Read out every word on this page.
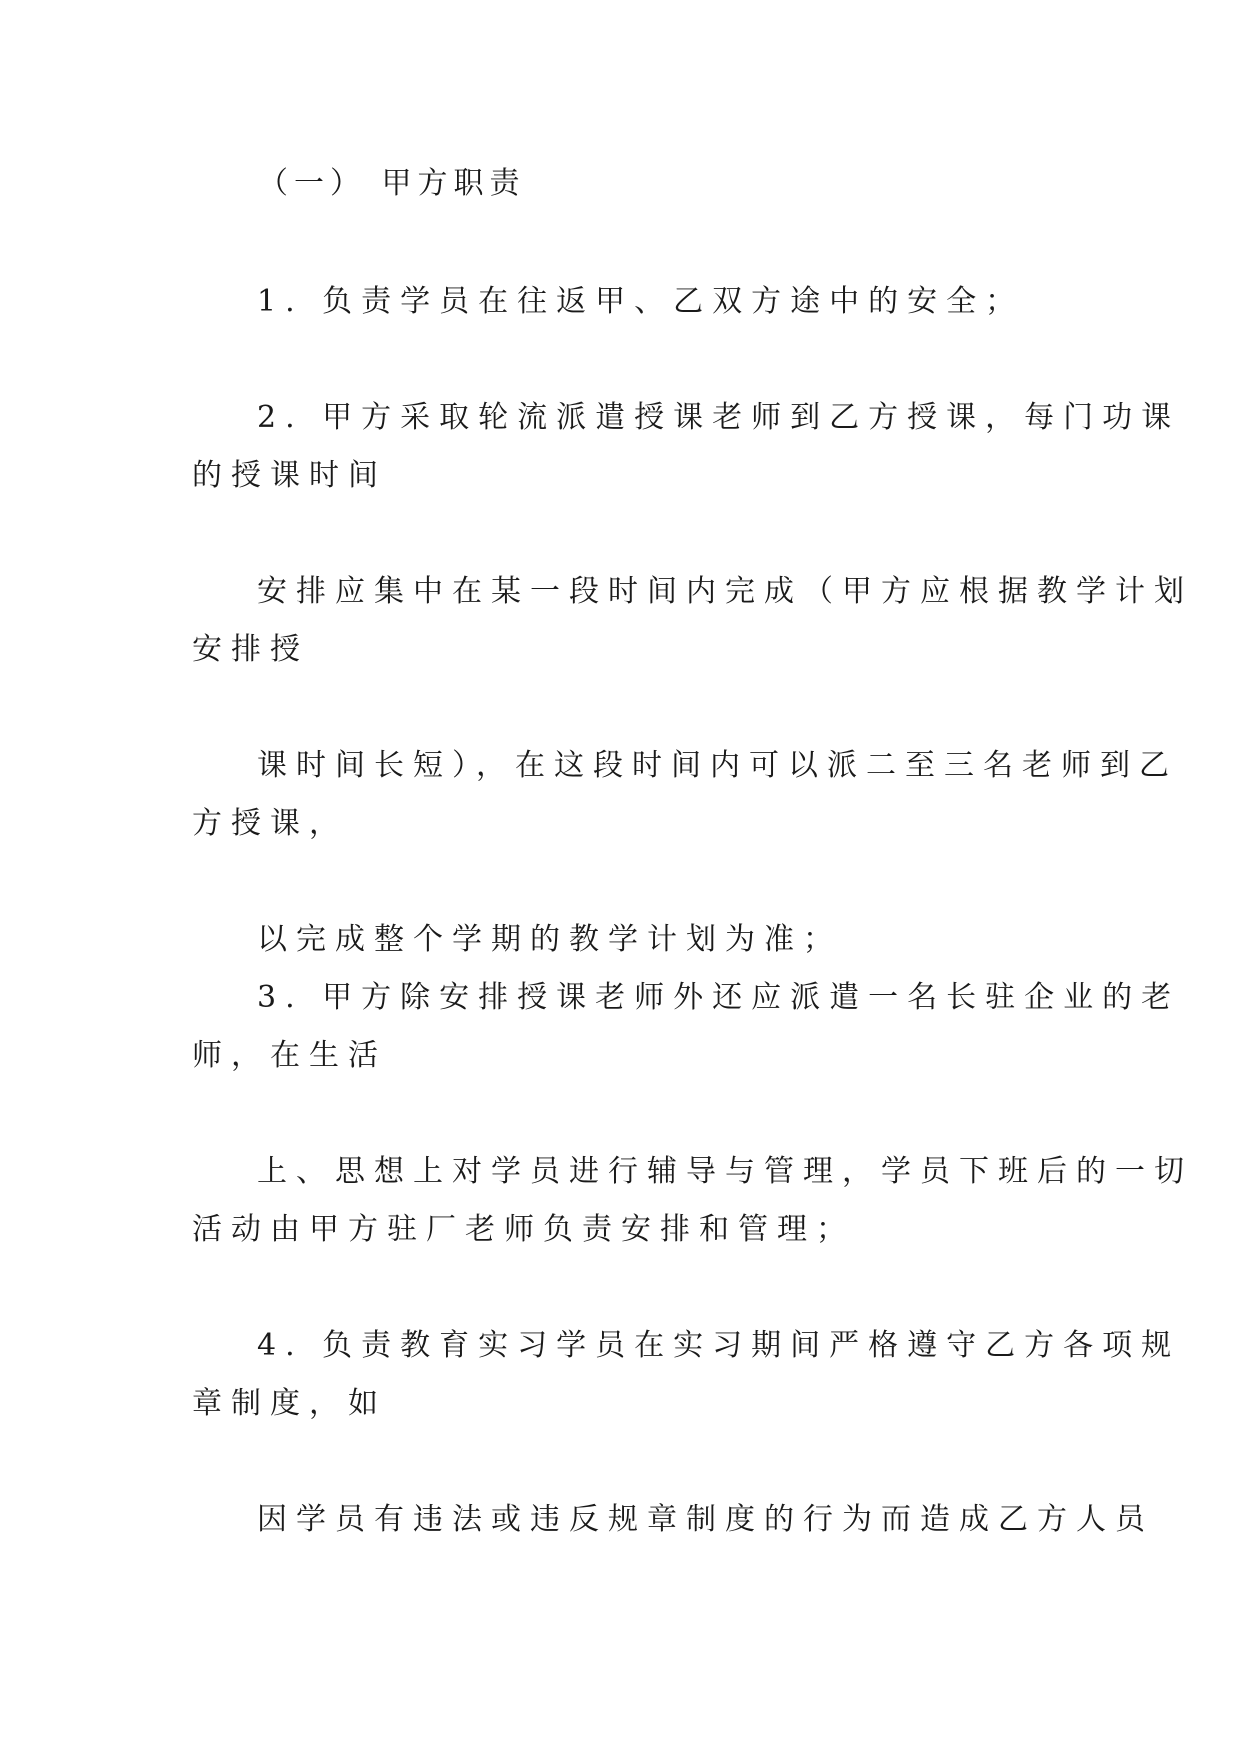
（一） 甲方职责
1. 负责学员在往返甲、乙双方途中的安全；
2. 甲方采取轮流派遣授课老师到乙方授课，每门功课
的授课时间
安排应集中在某一段时间内完成（甲方应根据教学计划
安排授
课时间长短），在这段时间内可以派二至三名老师到乙
方授课，
以完成整个学期的教学计划为准；
3. 甲方除安排授课老师外还应派遣一名长驻企业的老
师，在生活
上、思想上对学员进行辅导与管理，学员下班后的一切
活动由甲方驻厂老师负责安排和管理；
4. 负责教育实习学员在实习期间严格遵守乙方各项规
章制度，如
因学员有违法或违反规章制度的行为而造成乙方人员
